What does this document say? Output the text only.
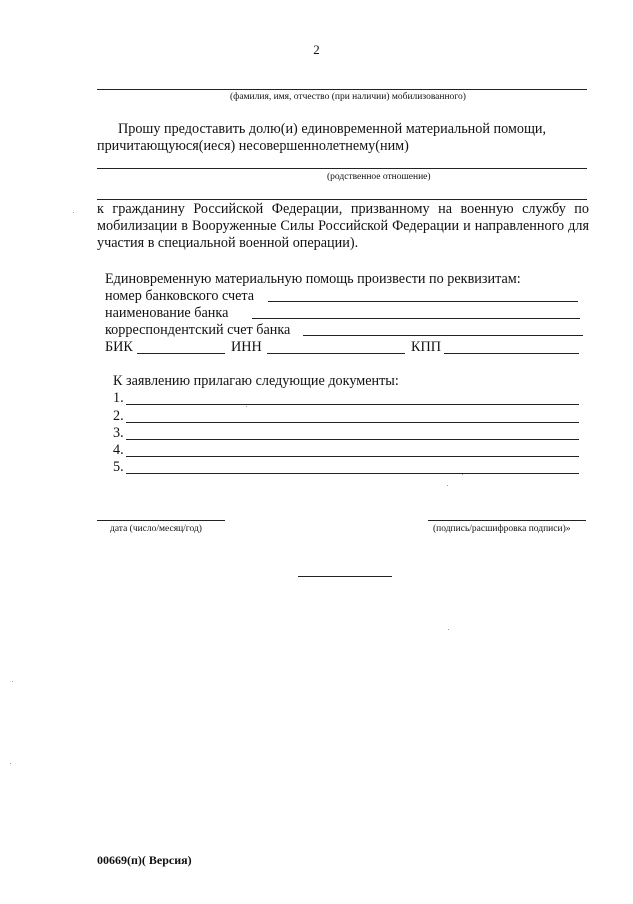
2
(фамилия, имя, отчество (при наличии) мобилизованного)
Прошу предоставить долю(и) единовременной материальной помощи,
причитающуюся(иеся) несовершеннолетнему(ним)
(родственное отношение)
к гражданину Российской Федерации, призванному на военную службу по мобилизации в Вооруженные Силы Российской Федерации и направленного для участия в специальной военной операции).
Единовременную материальную помощь произвести по реквизитам:
номер банковского счета
наименование банка
корреспондентский счет банка
БИК	ИНН	КПП
К заявлению прилагаю следующие документы:
1.
2.
3.
4.
5.
дата (число/месяц/год)	(подпись/расшифровка подписи)»
00669(п)( Версия)
